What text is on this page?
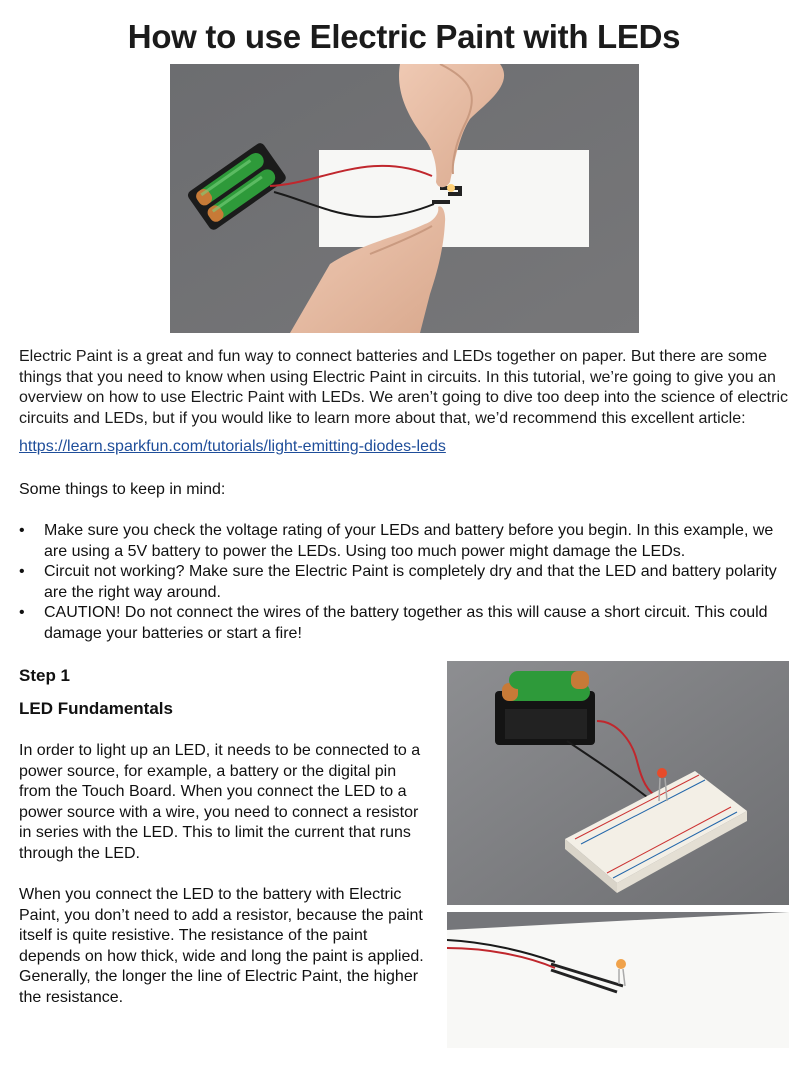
How to use Electric Paint with LEDs
Electric Paint is a great and fun way to connect batteries and LEDs together on paper. But there are some things that you need to know when using Electric Paint in circuits. In this tutorial, we’re going to give you an overview on how to use Electric Paint with LEDs. We aren’t going to dive too deep into the science of electric circuits and LEDs, but if you would like to learn more about that, we’d recommend this excellent article:
https://learn.sparkfun.com/tutorials/light-emitting-diodes-leds
Some things to keep in mind:
• Make sure you check the voltage rating of your LEDs and battery before you begin. In this example, we are using a 5V battery to power the LEDs. Using too much power might damage the LEDs.
• Circuit not working? Make sure the Electric Paint is completely dry and that the LED and battery polarity are the right way around.
• CAUTION! Do not connect the wires of the battery together as this will cause a short circuit. This could damage your batteries or start a fire!
Step 1
LED Fundamentals
In order to light up an LED, it needs to be connected to a power source, for example, a battery or the digital pin from the Touch Board. When you connect the LED to a power source with a wire, you need to connect a resistor in series with the LED. This to limit the current that runs through the LED.
When you connect the LED to the battery with Electric Paint, you don’t need to add a resistor, because the paint itself is quite resistive. The resistance of the paint depends on how thick, wide and long the paint is applied. Generally, the longer the line of Electric Paint, the higher the resistance.
